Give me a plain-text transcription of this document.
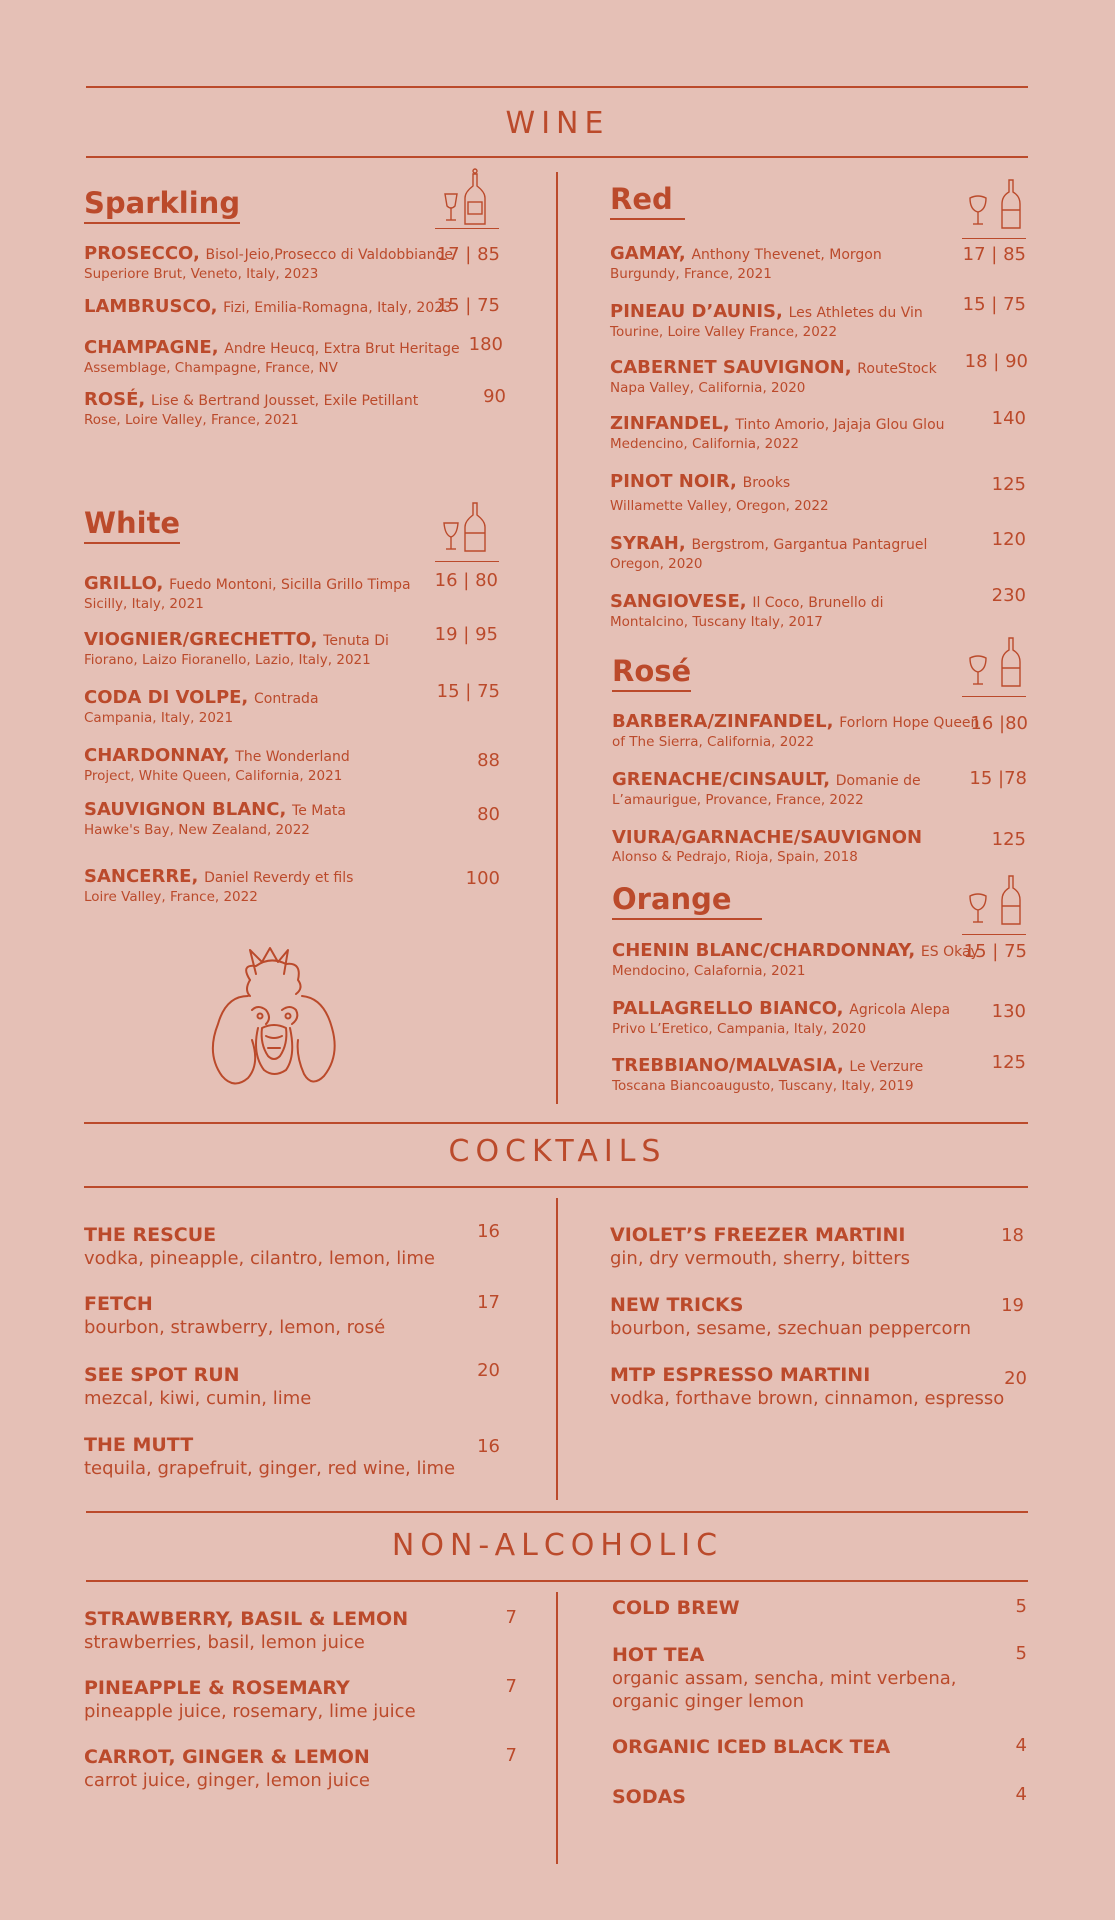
WINE
Sparkling
PROSECCO, Bisol-Jeio,Prosecco di Valdobbiande
Superiore Brut, Veneto, Italy, 2023
17 | 85
LAMBRUSCO, Fizi, Emilia-Romagna, Italy, 2023
15 | 75
CHAMPAGNE, Andre Heucq, Extra Brut Heritage
Assemblage, Champagne, France, NV
180
ROSÉ, Lise & Bertrand Jousset, Exile Petillant
Rose, Loire Valley, France, 2021
90
White
GRILLO, Fuedo Montoni, Sicilla Grillo Timpa
Sicilly, Italy, 2021
16 | 80
VIOGNIER/GRECHETTO, Tenuta Di
Fiorano, Laizo Fioranello, Lazio, Italy, 2021
19 | 95
CODA DI VOLPE, Contrada
Campania, Italy, 2021
15 | 75
CHARDONNAY, The Wonderland
Project, White Queen, California, 2021
88
SAUVIGNON BLANC, Te Mata
Hawke's Bay, New Zealand, 2022
80
SANCERRE, Daniel Reverdy et fils
Loire Valley, France, 2022
100
Red
GAMAY, Anthony Thevenet, Morgon
Burgundy, France, 2021
17 | 85
PINEAU D’AUNIS, Les Athletes du Vin
Tourine, Loire Valley France, 2022
15 | 75
CABERNET SAUVIGNON, RouteStock
Napa Valley, California, 2020
18 | 90
ZINFANDEL, Tinto Amorio, Jajaja Glou Glou
Medencino, California, 2022
140
PINOT NOIR, Brooks
Willamette Valley, Oregon, 2022
125
SYRAH, Bergstrom, Gargantua Pantagruel
Oregon, 2020
120
SANGIOVESE, Il Coco, Brunello di
Montalcino, Tuscany Italy, 2017
230
Rosé
BARBERA/ZINFANDEL, Forlorn Hope Queen
of The Sierra, California, 2022
16 |80
GRENACHE/CINSAULT, Domanie de
L’amaurigue, Provance, France, 2022
15 |78
VIURA/GARNACHE/SAUVIGNON
Alonso & Pedrajo, Rioja, Spain, 2018
125
Orange
CHENIN BLANC/CHARDONNAY, ES Okay
Mendocino, Calafornia, 2021
15 | 75
PALLAGRELLO BIANCO, Agricola Alepa
Privo L’Eretico, Campania, Italy, 2020
130
TREBBIANO/MALVASIA, Le Verzure
Toscana Biancoaugusto, Tuscany, Italy, 2019
125
COCKTAILS
THE RESCUE
vodka, pineapple, cilantro, lemon, lime
16
FETCH
bourbon, strawberry, lemon, rosé
17
SEE SPOT RUN
mezcal, kiwi, cumin, lime
20
THE MUTT
tequila, grapefruit, ginger, red wine, lime
16
VIOLET’S FREEZER MARTINI
gin, dry vermouth, sherry, bitters
18
NEW TRICKS
bourbon, sesame, szechuan peppercorn
19
MTP ESPRESSO MARTINI
vodka, forthave brown, cinnamon, espresso
20
NON-ALCOHOLIC
STRAWBERRY, BASIL & LEMON
strawberries, basil, lemon juice
7
PINEAPPLE & ROSEMARY
pineapple juice, rosemary, lime juice
7
CARROT, GINGER & LEMON
carrot juice, ginger, lemon juice
7
COLD BREW	5
HOT TEA
organic assam, sencha, mint verbena,
organic ginger lemon
5
ORGANIC ICED BLACK TEA	4
SODAS	4
